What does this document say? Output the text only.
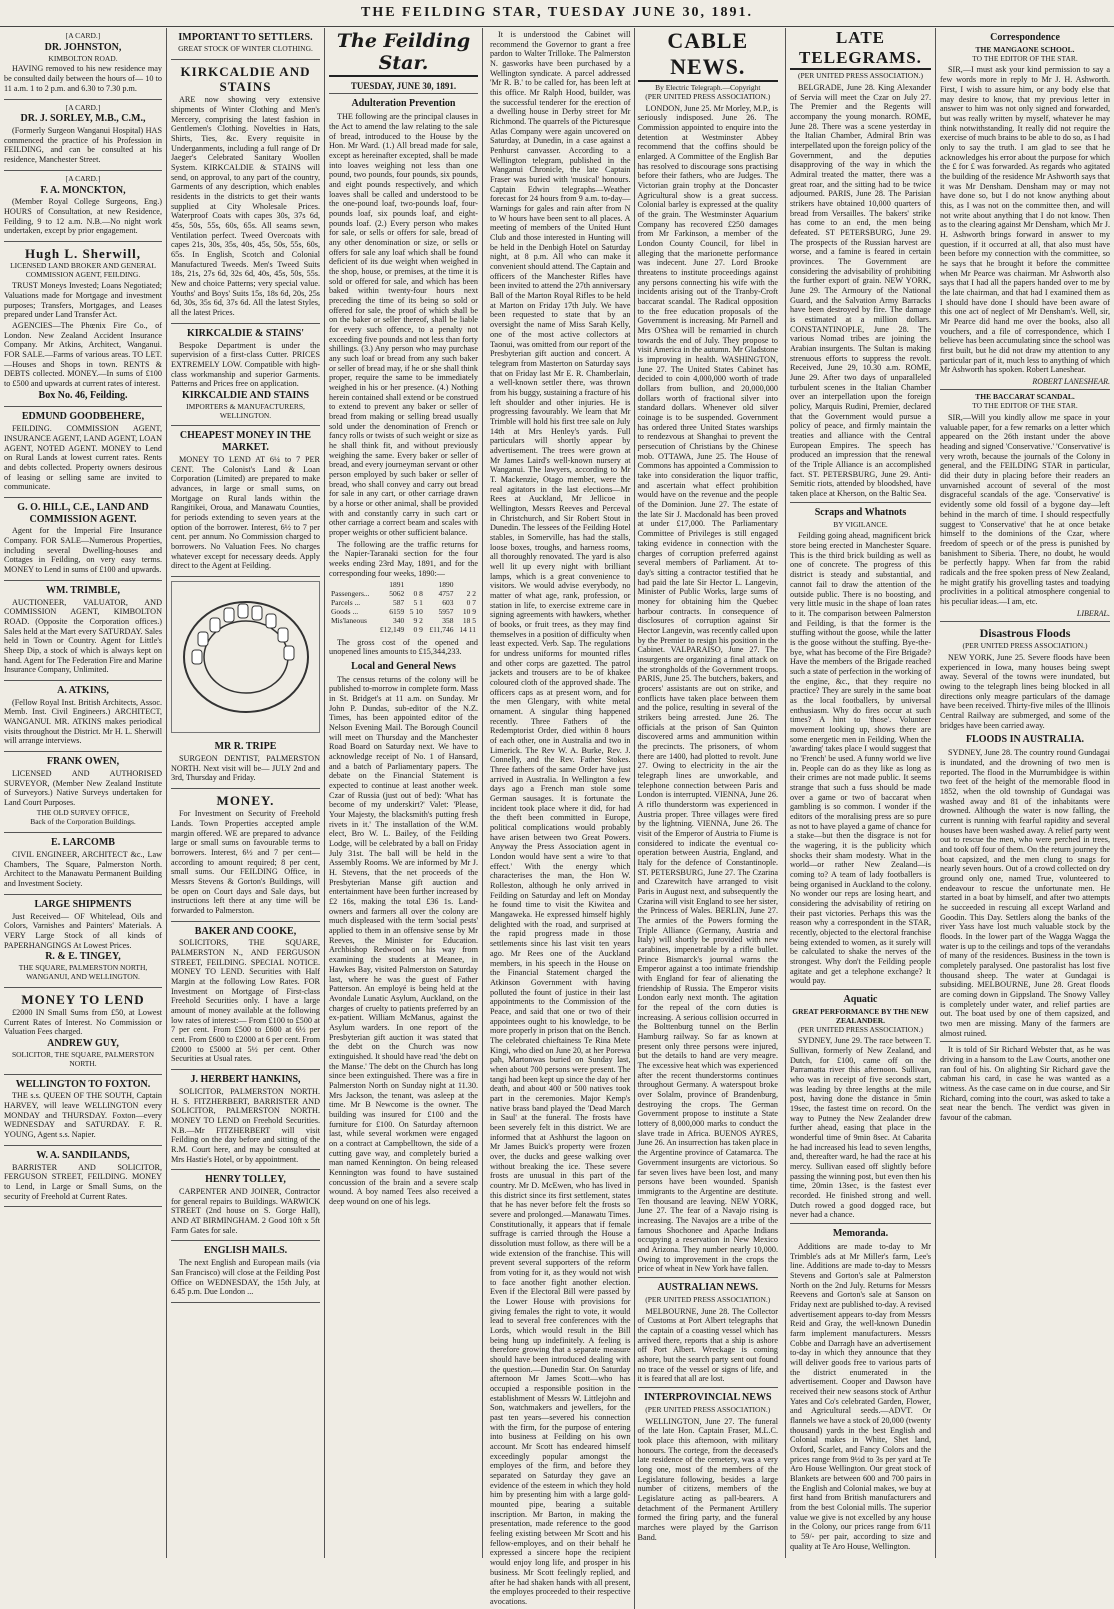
THE FEILDING STAR, TUESDAY JUNE 30, 1891.

[A CARD.]

DR. JOHNSTON,

KIMBOLTON ROAD.

HAVING removed to his new residence may be consulted daily between the hours of— 10 to 11 a.m. 1 to 2 p.m. and 6.30 to 7.30 p.m.

[A CARD.]

DR. J. SORLEY, M.B., C.M.,

(Formerly Surgeon Wanganui Hospital) HAS commenced the practice of his Profession in FEILDING, and can be consulted at his residence, Manchester Street.

[A CARD.]

F. A. MONCKTON,

(Member Royal College Surgeons, Eng.) HOURS of Consultation, at new Residence, Feilding, 9 to 12 a.m. N.B.—No night work undertaken, except by prior engagement.

Hugh L. Sherwill,

LICENSED LAND BROKER AND GENERAL COMMISSION AGENT, FEILDING.

TRUST Moneys Invested; Loans Negotiated; Valuations made for Mortgage and investment purposes; Transfers, Mortgages, and Leases prepared under Land Transfer Act.

AGENCIES—The Phœnix Fire Co., of London. New Zealand Accident Insurance Company. Mr Atkins, Architect, Wanganui. FOR SALE.—Farms of various areas. TO LET.—Houses and Shops in town. RENTS & DEBTS collected. MONEY.—In sums of £100 to £500 and upwards at current rates of interest.

Box No. 46, Feilding.

EDMUND GOODBEHERE,

FEILDING. COMMISSION AGENT, INSURANCE AGENT, LAND AGENT, LOAN AGENT, NOTED AGENT. MONEY to Lend on Rural Lands at lowest current rates. Rents and debts collected. Property owners desirous of leasing or selling same are invited to communicate.

G. O. HILL, C.E., LAND AND COMMISSION AGENT.

Agent for the Imperial Fire Insurance Company. FOR SALE—Numerous Properties, including several Dwelling-houses and Cottages in Feilding, on very easy terms. MONEY to Lend in sums of £100 and upwards.

WM. TRIMBLE,

AUCTIONEER, VALUATOR, AND COMMISSION AGENT, KIMBOLTON ROAD. (Opposite the Corporation offices.) Sales held at the Mart every SATURDAY. Sales held in Town or Country. Agent for Little's Sheep Dip, a stock of which is always kept on hand. Agent for The Federation Fire and Marine Insurance Company, Unlimited.

A. ATKINS,

(Fellow Royal Inst. British Architects, Assoc. Memb. Inst. Civil Engineers.) ARCHITECT, WANGANUI. MR. ATKINS makes periodical visits throughout the District. Mr H. L. Sherwill will arrange interviews.

FRANK OWEN,

LICENSED AND AUTHORISED SURVEYOR, (Member New Zealand Institute of Surveyors.) Native Surveys undertaken for Land Court Purposes.

THE OLD SURVEY OFFICE,

Back of the Corporation Buildings.

E. LARCOMB

CIVIL ENGINEER, ARCHITECT &c., Law Chambers, The Square, Palmerston North. Architect to the Manawatu Permanent Building and Investment Society.

LARGE SHIPMENTS

Just Received— OF Whitelead, Oils and Colors, Varnishes and Painters' Materials. A VERY Large Stock of all kinds of PAPERHANGINGS At Lowest Prices.

R. & E. TINGEY,

THE SQUARE, PALMERSTON NORTH, WANGANUI, AND WELLINGTON.

MONEY TO LEND

£2000 IN Small Sums from £50, at Lowest Current Rates of Interest. No Commission or Valuation Fees charged.

ANDREW GUY,

SOLICITOR, THE SQUARE, PALMERSTON NORTH.

WELLINGTON TO FOXTON.

THE s.s. QUEEN OF THE SOUTH, Captain HARVEY, will leave WELLINGTON every MONDAY and THURSDAY. Foxton—every WEDNESDAY and SATURDAY. F. R. YOUNG, Agent s.s. Napier.

W. A. SANDILANDS,

BARRISTER AND SOLICITOR, FERGUSON STREET, FEILDING. MONEY to Lend, in Large or Small Sums, on the security of Freehold at Current Rates.

IMPORTANT TO SETTLERS.

GREAT STOCK OF WINTER CLOTHING.

KIRKCALDIE AND STAINS

ARE now showing very extensive shipments of Winter Clothing and Men's Mercery, comprising the latest fashion in Gentlemen's Clothing. Novelties in Hats, Shirts, Ties, &c. Every requisite in Underganments, including a full range of Dr Jaeger's Celebrated Sanitary Woollen System. KIRKCALDIE & STAINS will send, on approval, to any part of the country, Garments of any description, which enables residents in the districts to get their wants supplied at City Wholesale Prices. Waterproof Coats with capes 30s, 37s 6d, 45s, 50s, 55s, 60s, 65s. All seams sewn, Ventilation perfect. Tweed Overcoats with capes 21s, 30s, 35s, 40s, 45s, 50s, 55s, 60s, 65s. In English, Scotch and Colonial Manufactured Tweeds. Men's Tweed Suits 18s, 21s, 27s 6d, 32s 6d, 40s, 45s, 50s, 55s. New and choice Patterns; very special value. Youths' and Boys' Suits 15s, 18s 6d, 20s, 25s 6d, 30s, 35s 6d, 37s 6d. All the latest Styles, all the latest Prices.

KIRKCALDIE & STAINS'

Bespoke Department is under the supervision of a first-class Cutter. PRICES EXTREMELY LOW. Compatible with high-class workmanship and superior Garments. Patterns and Prices free on application.

KIRKCALDIE AND STAINS

IMPORTERS & MANUFACTURERS, WELLINGTON.

CHEAPEST MONEY IN THE MARKET.

MONEY TO LEND AT 6¼ to 7 PER CENT. The Colonist's Land & Loan Corporation (Limited) are prepared to make advances, in large or small sums, on Mortgage on Rural lands within the Rangitikei, Oroua, and Manawatu Counties, for periods extending to seven years at the option of the borrower. Interest, 6½ to 7 per cent. per annum. No Commission charged to borrowers. No Valuation Fees. No charges whatever except for necessary deeds. Apply direct to the Agent at Feilding.

MR R. TRIPE

SURGEON DENTIST, PALMERSTON NORTH. Next visit will be— JULY 2nd and 3rd, Thursday and Friday.

MONEY.

For Investment on Security of Freehold Lands. Town Properties accepted ample margin offered. WE are prepared to advance large or small sums on favourable terms to borrowers. Interest, 6½ and 7 per cent—according to amount required; 8 per cent, small sums. Our FEILDING Office, in Messrs Stevens & Gorton's Buildings, will be open on Court days and Sale days, but instructions left there at any time will be forwarded to Palmerston.

BAKER AND COOKE,

SOLICITORS, THE SQUARE, PALMERSTON N., AND FERGUSON STREET, FEILDING. SPECIAL NOTICE. MONEY TO LEND. Securities with Half Margin at the following Low Rates. FOR Investment on Mortgage of First-class Freehold Securities only. I have a large amount of money available at the following low rates of interest:— From £100 to £500 at 7 per cent. From £500 to £600 at 6½ per cent. From £600 to £2000 at 6 per cent. From £2000 to £5000 at 5½ per cent. Other Securities at Usual rates.

J. HERBERT HANKINS,

SOLICITOR, PALMERSTON NORTH. H. S. FITZHERBERT, BARRISTER AND SOLICITOR, PALMERSTON NORTH. MONEY TO LEND on Freehold Securities. N.B.—Mr FITZHERBERT will visit Feilding on the day before and sitting of the R.M. Court here, and may be consulted at Mrs Hastie's Hotel, or by appointment.

HENRY TOLLEY,

CARPENTER AND JOINER, Contractor for general repairs to Buildings. WARWICK STREET (2nd house on S. Gorge Hall), AND AT BIRMINGHAM. 2 Good 10ft x 5ft Farm Gates for sale.

ENGLISH MAILS.

The next English and European mails (via San Francisco) will close at the Feilding Post Office on WEDNESDAY, the 15th July, at 6.45 p.m. Due London ...

The Feilding Star.
TUESDAY, JUNE 30, 1891.
Adulteration Prevention

THE following are the principal clauses in the Act to amend the law relating to the sale of bread, introduced to the House by the Hon. Mr Ward. (1.) All bread made for sale, except as hereinafter excepted, shall be made into loaves weighing not less than one pound, two pounds, four pounds, six pounds, and eight pounds respectively, and which loaves shall be called and understood to be the one-pound loaf, two-pounds loaf, four-pounds loaf, six pounds loaf, and eight-pounds loaf. (2.) Every person who makes for sale, or sells or offers for sale, bread of any other denomination or size, or sells or offers for sale any loaf which shall be found deficient of its due weight when weighed in the shop, house, or premises, at the time it is sold or offered for sale, and which has been baked within twenty-four hours next preceding the time of its being so sold or offered for sale, the proof of which shall be on the baker or seller thereof, shall be liable for every such offence, to a penalty not exceeding five pounds and not less than forty shillings. (3.) Any person who may purchase any such loaf or bread from any such baker or seller of bread may, if he or she shall think proper, require the same to be immediately weighed in his or her presence. (4.) Nothing herein contained shall extend or be construed to extend to prevent any baker or seller of bread from making or selling bread usually sold under the denomination of French or fancy rolls or twists of such weight or size as he shall think fit, and without previously weighing the same. Every baker or seller of bread, and every journeyman servant or other person employed by such baker or seller of bread, who shall convey and carry out bread for sale in any cart, or other carriage drawn by a horse or other animal, shall be provided with and constantly carry in such cart or other carriage a correct beam and scales with proper weights or other sufficient balance.

The following are the traffic returns for the Napier-Taranaki section for the four weeks ending 23rd May, 1891, and for the corresponding four weeks, 1890:—

	1891		1890	
Passengers...	5062	0 8	4757	2 2
Parcels ...	587	5 1	603	0 7
Goods ...	6159	5 10	5957	10 9
Mis'laneous	340	9 2	358	18 5
	£12,149	0 9	£11,746	14 11

The gross cost of the opened and unopened lines amounts to £15,344,233.

Local and General News

The census returns of the colony will be published to-morrow in complete form. Mass in St. Bridget's at 11 a.m. on Sunday. Mr John P. Dundas, sub-editor of the N.Z. Times, has been appointed editor of the Nelson Evening Mail. The Borough Council will meet on Thursday and the Manchester Road Board on Saturday next. We have to acknowledge receipt of No. 1 of Hansard, and a batch of Parliamentary papers. The debate on the Financial Statement is expected to continue at least another week. Czar of Russia (just out of bed): 'What has become of my underskirt?' Valet: 'Please, Your Majesty, the blacksmith's putting fresh rivets in it.' The installation of the W.M. elect, Bro W. L. Bailey, of the Feilding Lodge, will be celebrated by a ball on Friday July 31st. The ball will be held in the Assembly Rooms. We are informed by Mr J. H. Stevens, that the net proceeds of the Presbyterian Manse gift auction and entertainment have been further increased by £2 16s, making the total £36 1s. Land-owners and farmers all over the colony are much displeased with the term 'social pests' applied to them in an offensive sense by Mr Reeves, the Minister for Education. Archbishop Redwood on his way from examining the students at Meanee, in Hawkes Bay, visited Palmerston on Saturday last, where he was the guest of Father Patterson. An employé is being held at the Avondale Lunatic Asylum, Auckland, on the charges of cruelty to patients preferred by an ex-patient. William McManus, against the Asylum warders. In one report of the Presbyterian gift auction it was stated that the debt on the Church was now extinguished. It should have read 'the debt on the Manse.' The debt on the Church has long since been extinguished. There was a fire in Palmerston North on Sunday night at 11.30. Mrs Jackson, the tenant, was asleep at the time. Mr B Newcome is the owner. The building was insured for £100 and the furniture for £100. On Saturday afternoon last, while several workmen were engaged on a contract at Campbelltown, the side of a cutting gave way, and completely buried a man named Kennington. On being released Kennington was found to have sustained concussion of the brain and a severe scalp wound. A boy named Tees also received a deep wound on one of his legs.

It is understood the Cabinet will recommend the Governor to grant a free pardon to Walter Trilloke. The Palmerston N. gasworks have been purchased by a Wellington syndicate. A parcel addressed 'Mr R. B.' to be called for, has been left at this office. Mr Ralph Hood, builder, was the successful tenderer for the erection of a dwelling house in Derby street for Mr Richmond. The quarrels of the Picturesque Atlas Company were again uncovered on Saturday, at Dunedin, in a case against a Penhurst canvasser. According to a Wellington telegram, published in the Wanganui Chronicle, the late Captain Fraser was buried with 'musical' honours. Captain Edwin telegraphs—Weather forecast for 24 hours from 9 a.m. to-day—Warnings for gales and rain after from N to W hours have been sent to all places. A meeting of members of the United Hunt Club and those interested in Hunting will be held in the Denbigh Hotel on Saturday night, at 8 p.m. All who can make it convenient should attend. The Captain and officers of the Manchester Rifles have been invited to attend the 27th anniversary Ball of the Marton Royal Rifles to be held at Marton on Friday 17th July. We have been requested to state that by an oversight the name of Miss Sarah Kelly, one of the most active collectors at Taonui, was omitted from our report of the Presbyterian gift auction and concert. A telegram from Masterton on Saturday says that on Friday last Mr E. R. Chamberlain, a well-known settler there, was thrown from his buggy, sustaining a fracture of his left shoulder and other injuries. He is progressing favourably. We learn that Mr Trimble will hold his first tree sale on July 14th at Mrs Henley's yards. Full particulars will shortly appear by advertisement. The trees were grown at Mr James Laird's well-known nursery at Wanganui. The lawyers, according to Mr T. Mackenzie, Otago member, were the real agitators in the last elections—Mr Rees at Auckland, Mr Jellicoe in Wellington, Messrs Reeves and Perceval in Christchurch, and Sir Robert Stout in Dunedin. The lessees of the Feilding Hotel stables, in Somerville, has had the stalls, loose boxes, troughs, and harness rooms, all thoroughly renovated. The yard is also well lit up every night with brilliant lamps, which is a great convenience to visitors. We would advise everybody, no matter of what age, rank, profession, or station in life, to exercise extreme care in signing agreements with hawkers, whether of books, or fruit trees, as they may find themselves in a position of difficulty when least expected. Verb. Sap. The regulations for undress uniforms for mounted rifles and other corps are gazetted. The patrol jackets and trousers are to be of khakee coloured cloth of the approved shade. The officers caps as at present worn, and for the men Glengary, with white metal ornament. A singular thing happened recently. Three Fathers of the Redemptorist Order, died within 8 hours of each other, one in Australia and two in Limerick. The Rev W. A. Burke, Rev. J. Connelly, and the Rev. Father Stokes. Three fathers of the same Order have just arrived in Australia. In Wellington a few days ago a French man stole some German sausages. It is fortunate the incident took place where it did, for had the theft been committed in Europe, political complications would probably have arisen between two Great Powers. Anyway the Press Association agent in London would have sent a wire 'to that effect.' With the energy which characterises the man, the Hon W. Rolleston, although he only arrived in Feilding on Saturday and left on Monday he found time to visit the Kiwitea and Mangaweka. He expressed himself highly delighted with the road, and surprised at the rapid progress made in those settlements since his last visit ten years ago. Mr Rees one of the Auckland members, in his speech in the House on the Financial Statement charged the Atkinson Government with having polluted the fount of justice in their last appointments to the Commission of the Peace, and said that one or two of their appointees ought to his knowledge, to be more properly in prison that on the Bench. The celebrated chieftainess Te Rina Mete Kingi, who died on June 20, at her Porewa pah, Martonwas buried on Sunday last, when about 700 persons were present. The tangi had been kept up since the day of her death, and about 400 or 500 natives took part in the ceremonies. Major Kemp's native brass band played the 'Dead March in Saul' at the funeral. The frosts have been severely felt in this district. We are informed that at Ashhurst the lagoon on Mr James Buick's property were frozen over, the ducks and geese walking over without breaking the ice. These severe frosts are unusual in this part of the country. Mr D. McEwen, who has lived in this district since its first settlement, states that he has never before felt the frosts so severe and prolonged.—Manawatu Times. Constitutionally, it appears that if female suffrage is carried through the House a dissolution must follow, as there will be a wide extension of the franchise. This will prevent several supporters of the reform from voting for it, as they would not wish to face another fight another election. Even if the Electoral Bill were passed by the Lower House with provisions for giving females the right to vote, it would lead to several free conferences with the Lords, which would result in the Bill being hung up indefinitely. A feeling is therefore growing that a separate measure should have been introduced dealing with the question.—Dunedin Star. On Saturday afternoon Mr James Scott—who has occupied a responsible position in the establishment of Messrs W. Littlejohn and Son, watchmakers and jewellers, for the past ten years—severed his connection with the firm, for the purpose of entering into business at Feilding on his own account. Mr Scott has endeared himself exceedingly popular amongst the employes of the firm, and before they separated on Saturday they gave an evidence of the esteem in which they hold him by presenting him with a large gold-mounted pipe, bearing a suitable inscription. Mr Barton, in making the presentation, made reference to the good feeling existing between Mr Scott and his fellow-employes, and on their behalf he expressed a sincere hope the recipient would enjoy long life, and prosper in his business. Mr Scott feelingly replied, and after he had shaken hands with all present, the employes proceeded to their respective avocations.

CABLE NEWS.
By Electric Telegraph.—Copyright
(PER UNITED PRESS ASSOCIATION.)

LONDON, June 25. Mr Morley, M.P., is seriously indisposed. June 26. The Commission appointed to enquire into the detention at Westminster Abbey recommend that the coffins should be enlarged. A Committee of the English Bar has resolved to discourage sons practising before their fathers, who are Judges. The Victorian grain trophy at the Doncaster Agricultural show is a great success. Colonial barley is expressed at the quality of the grain. The Westminster Aquarium Company has recovered £250 damages from Mr Farkinson, a member of the London County Council, for libel in alleging that the marionette performance was indecent. June 27. Lord Brooke threatens to institute proceedings against any persons connecting his wife with the incidents arising out of the Tranby-Croft baccarat scandal. The Radical opposition to the free education proposals of the Government is increasing. Mr Parnell and Mrs O'Shea will be remarried in church towards the end of July. They propose to visit America in the autumn. Mr Gladstone is improving in health. WASHINGTON, June 27. The United States Cabinet has decided to coin 4,000,000 worth of trade dollars from bullion, and 20,000,000 dollars worth of fractional silver into standard dollars. Whenever old silver coinage is to be suspended. Government has ordered three United States warships to rendezvous at Shanghai to prevent the persecution of Christians by the Chinese mob. OTTAWA, June 25. The House of Commons has appointed a Commission to take into consideration the liquor traffic, and ascertain what effect prohibition would have on the revenue and the people of the Dominion. June 27. The estate of the late Sir J. Macdonald has been proved at under £17,000. The Parliamentary Committee of Privileges is still engaged taking evidence in connection with the charges of corruption preferred against several members of Parliament. At to-day's sitting a contractor testified that he had paid the late Sir Hector L. Langevin, Minister of Public Works, large sums of money for obtaining him the Quebec harbour contracts. In consequence of disclosures of corruption against Sir Hector Langevin, was recently called upon by the Premier to resign his position in the Cabinet. VALPARAISO, June 27. The insurgents are organizing a final attack on the strongholds of the Government troops. PARIS, June 25. The butchers, bakers, and grocers' assistants are out on strike, and conflicts have taken place between them and the police, resulting in several of the strikers being arrested. June 26. The officials at the prison of San Quinton discovered arms and ammunition within the precincts. The prisoners, of whom there are 1400, had plotted to revolt. June 27. Owing to electricity in the air the telegraph lines are unworkable, and telephone connection between Paris and London is interrupted. VIENNA, June 26. A riflo thunderstorm was experienced in Austria proper. Three villages were fired by the lightning. VIENNA, June 26. The visit of the Emperor of Austria to Fiume is considered to indicate the eventual co-operation between Austria, England, and Italy for the defence of Constantinople. ST. PETERSBURG, June 27. The Czarina and Czarewitch have arranged to visit Paris in August next, and subsequently the Czarina will visit England to see her sister, the Princess of Wales. BERLIN, June 27. The armies of the Powers forming the Triple Alliance (Germany, Austria and Italy) will shortly be provided with new carabines, impenetrable by a rifle bullet. Prince Bismarck's journal warns the Emperor against a too intimate friendship with England for fear of alienating the friendship of Russia. The Emperor visits London early next month. The agitation for the repeal of the corn duties is increasing. A serious collision occurred in the Bolttenburg tunnel on the Berlin Hamburg railway. So far as known at present only three persons were injured, but the details to hand are very meagre. The excessive heat which was experienced after the recent thunderstorms continues throughout Germany. A waterspout broke over Solalm, province of Brandenburg, destroying the crops. The German Government propose to institute a State lottery of 8,000,000 marks to conduct the slave trade in Africa. BUENOS AYRES, June 26. An insurrection has taken place in the Argentine province of Catamarca. The Government insurgents are victorious. So far seven lives have been lost, and many persons have been wounded. Spanish immigrants to the Argentine are destitute. Ten thousand are leaving. NEW YORK, June 27. The fear of a Navajo rising is increasing. The Navajos are a tribe of the famous Shochonee and Apache Indians occupying a reservation in New Mexico and Arizona. They number nearly 10,000. Owing to improvement in the crops the price of wheat in New York have fallen.

AUSTRALIAN NEWS.
(PER UNITED PRESS ASSOCIATION.)

MELBOURNE, June 28. The Collector of Customs at Port Albert telegraphs that the captain of a coasting vessel which has arrived there, reports that a ship is ashore off Port Albert. Wreckage is coming ashore, but the search party sent out found no trace of the vessel or signs of life, and it is feared that all are lost.

INTERPROVINCIAL NEWS
(PER UNITED PRESS ASSOCIATION.)

WELLINGTON, June 27. The funeral of the late Hon. Captain Fraser, M.L.C. took place this afternoon, with military honours. The cortege, from the deceased's late residence of the cemetery, was a very long one, most of the members of the Legislature following, besides a large number of citizens, members of the Legislature acting as pall-bearers. A detachment of the Permanent Artillery formed the firing party, and the funeral marches were played by the Garrison Band.

LATE TELEGRAMS.
(PER UNITED PRESS ASSOCIATION.)

BELGRADE, June 28. King Alexander of Servia will meet the Czar on July 27. The Premier and the Regents will accompany the young monarch. ROME, June 28. There was a scene yesterday in the Italian Chamber, Admiral Brin was interpellated upon the foreign policy of the Government, and the deputies disapproving of the way in which the Admiral treated the matter, there was a great roar, and the sitting had to be twice adjourned. PARIS, June 28. The Parisian strikers have obtained 10,000 quarters of bread from Versailles. The bakers' strike has come to an end, the men being defeated. ST PETERSBURG, June 29. The prospects of the Russian harvest are worse, and a famine is feared in certain provinces. The Government are considering the advisability of prohibiting the further export of grain. NEW YORK, June 29. The Armoury of the National Guard, and the Salvation Army Barracks have been destroyed by fire. The damage is estimated at a million dollars. CONSTANTINOPLE, June 28. The various Nomad tribes are joining the Arabian insurgents. The Sultan is making strenuous efforts to suppress the revolt. Received, June 29, 10.30 a.m. ROME, June 29. After two days of unparalleled turbulent scenes in the Italian Chamber over an interpellation upon the foreign policy, Marquis Rudini, Premier, declared that the Government would pursue a policy of peace, and firmly maintain the treaties and alliance with the Central European Empires. The speech has produced an impression that the renewal of the Triple Alliance is an accomplished fact. ST. PETERSBURG, June 29. Anti-Semitic riots, attended by bloodshed, have taken place at Kherson, on the Baltic Sea.

Scraps and Whatnots
BY VIGILANCE.

Feilding going ahead, magnificent brick store being erected in Manchester Square. This is the third brick building as well as one of concrete. The progress of this district is steady and substantial, and cannot fail to draw the attention of the outside public. There is no boosting, and very little music in the shape of loan rates to it. The comparison between Palmerston and Feilding, is that the former is the stuffing without the goose, while the latter is the goose without the stuffing. Bye-the-bye, what has become of the Fire Brigade? Have the members of the Brigade reached such a state of perfection in the working of the engine, &c., that they require no practice? They are surely in the same boat as the local footballers, by universal enthusiasm. Why do fires occur at such times? A hint to 'those'. Volunteer movement looking up, shows there are some energetic men in Feilding. When the 'awarding' takes place I would suggest that no 'French' be used. A funny world we live in. People can do as they like as long as their crimes are not made public. It seems strange that such a fuss should be made over a game or two of baccarat when gambling is so common. I wonder if the editors of the moralising press are so pure as not to have played a game of chance for a stake—but then the disgrace is not for the wagering, it is the publicity which shocks their sham modesty. What in the world—or rather New Zealand—is coming to? A team of lady footballers is being organised in Auckland to the colony. No wonder our reps are losing heart, and considering the advisability of retiring on their past victories. Perhaps this was the reason why a correspondent in the STAR, recently, objected to the electoral franchise being extended to women, as it surely will be calculated to shake the nerves of the strongest. Why don't the Feilding people agitate and get a telephone exchange? It would pay.

Aquatic
GREAT PERFORMANCE BY THE NEW ZEALANDER.
(PER UNITED PRESS ASSOCIATION.)

SYDNEY, June 29. The race between T. Sullivan, formerly of New Zealand, and Dutch, for £100, came off on the Parramatta river this afternoon. Sullivan, who was in receipt of five seconds start, was leading by three lengths at the mile post, having done the distance in 5min 19sec, the fastest time on record. On the way to Putney the New Zealander drew further ahead, easing that place in the wonderful time of 9min 8sec. At Cabarita he had increased his lead to seven lengths, and, thereafter ward, he had the race at his mercy. Sullivan eased off slightly before passing the winning post, but even then his time, 20min 13sec, is the fastest ever recorded. He finished strong and well. Dutch rowed a good dogged race, but never had a chance.

Memoranda.

Additions are made to-day to Mr Trimble's ads at Mr Miller's farm, Lee's line. Additions are made to-day to Messrs Stevens and Gorton's sale at Palmerston North on the 2nd July. Returns for Messrs Reevens and Gorton's sale at Sanson on Friday next are published to-day. A revised advertisement appears to-day from Messrs Reid and Gray, the well-known Dunedin farm implement manufacturers. Messrs Cobbe and Darragh have an advertisement to-day in which they announce that they will deliver goods free to various parts of the district enumerated in the advertisement. Cooper and Dawson have received their new seasons stock of Arthur Yates and Co's celebrated Garden, Flower, and Agricultural seeds.—ADVT. Or flannels we have a stock of 20,000 (twenty thousand) yards in the best English and Colonial makes in White, Shet land, Oxford, Scarlet, and Fancy Colors and the prices range from 9½d to 3s per yard at Te Aro House Wellington. Our great stock of Blankets are between 600 and 700 pairs in the English and Colonial makes, we buy at first hand from British manufacturers and from the best Colonial mills. The superior value we give is not excelled by any house in the Colony, our prices range from 6/11 to 59/- per pair, according to size and quality at Te Aro House, Wellington.

Correspondence
THE MANGAONE SCHOOL.
TO THE EDITOR OF THE STAR.

SIR,—I must ask your kind permission to say a few words more in reply to Mr J. H. Ashworth. First, I wish to assure him, or any body else that may desire to know, that my previous letter in answer to him was not only signed and forwarded, but was really written by myself, whatever he may think notwithstanding. It really did not require the exercise of much brains to be able to do so, as I had only to say the truth. I am glad to see that he acknowledges his error about the purpose for which the £ for £ was forwarded. As regards who agitated the building of the residence Mr Ashworth says that it was Mr Densham. Densham may or may not have done so, but I do not know anything about this, as I was not on the committee then, and will not write about anything that I do not know. Then as to the clearing against Mr Densham, which Mr J. H. Ashworth brings forward in answer to my question, if it occurred at all, that also must have been before my connection with the committee, so he says that he brought it before the committee when Mr Pearce was chairman. Mr Ashworth also says that I had all the papers handed over to me by the late chairman, and that had I examined them as I should have done I should have been aware of this one act of neglect of Mr Densham's. Well, sir, Mr Pearce did hand me over the books, also all vouchers, and a file of correspondence, which I believe has been accumulating since the school was first built, but he did not draw my attention to any particular part of it, much less to anything of which Mr Ashworth has spoken. Robert Laneshear.

ROBERT LANESHEAR.
THE BACCARAT SCANDAL.
TO THE EDITOR OF THE STAR.

SIR,—Will you kindly allow me space in your valuable paper, for a few remarks on a letter which appeared on the 26th instant under the above heading and signed 'Conservative.' 'Conservative' is very wroth, because the journals of the Colony in general, and the FEILDING STAR in particular, did their duty in placing before their readers an unvarnished account of several of the most disgraceful scandals of the age. 'Conservative' is evidently some old fossil of a bygone day—left behind in the march of time. I should respectfully suggest to 'Conservative' that he at once betake himself to the dominions of the Czar, where freedom of speech or of the press is punished by banishment to Siberia. There, no doubt, he would be perfectly happy. When far from the rabid radicals and the free spoken press of New Zealand, he might gratify his grovelling tastes and toadying proclivities in a political atmosphere congenial to his peculiar ideas.—I am, etc.

LIBERAL.
Disastrous Floods
(PER UNITED PRESS ASSOCIATION.)

NEW YORK, June 25. Severe floods have been experienced in Iowa, many houses being swept away. Several of the towns were inundated, but owing to the telegraph lines being blocked in all directions only meagre particulars of the damage have been received. Thirty-five miles of the Illinois Central Railway are submerged, and some of the bridges have been carried away.

FLOODS IN AUSTRALIA.

SYDNEY, June 28. The country round Gundagai is inundated, and the drowning of two men is reported. The flood in the Murrumbidgee is within two feet of the height of the memorable flood in 1852, when the old township of Gundagai was washed away and 81 of the inhabitants were drowned. Although the water is now falling, the current is running with fearful rapidity and several houses have been washed away. A relief party went out to rescue the men, who were perched in trees, and took off four of them. On the return journey the boat capsized, and the men clung to snags for nearly seven hours. Out of a crowd collected on dry ground only one, named True, volunteered to endeavour to rescue the unfortunate men. He started in a boat by himself, and after two attempts he succeeded in rescuing all except Warland and Goodin. This Day. Settlers along the banks of the river Yass have lost much valuable stock by the floods. In the lower part of the Wagga Wagga the water is up to the ceilings and tops of the verandahs of many of the residences. Business in the town is completely paralysed. One pastoralist has lost five thousand sheep. The water at Gundagai is subsiding. MELBOURNE, June 28. Great floods are coming down in Gippsland. The Snowy Valley is completely under water, and relief parties are out. The boat used by one of them capsized, and two men are missing. Many of the farmers are almost ruined.

It is told of Sir Richard Webster that, as he was driving in a hansom to the Law Courts, another one ran foul of his. On alighting Sir Richard gave the cabman his card, in case he was wanted as a witness. As the case came on in due course, and Sir Richard, coming into the court, was asked to take a seat near the bench. The verdict was given in favour of the cabman.
